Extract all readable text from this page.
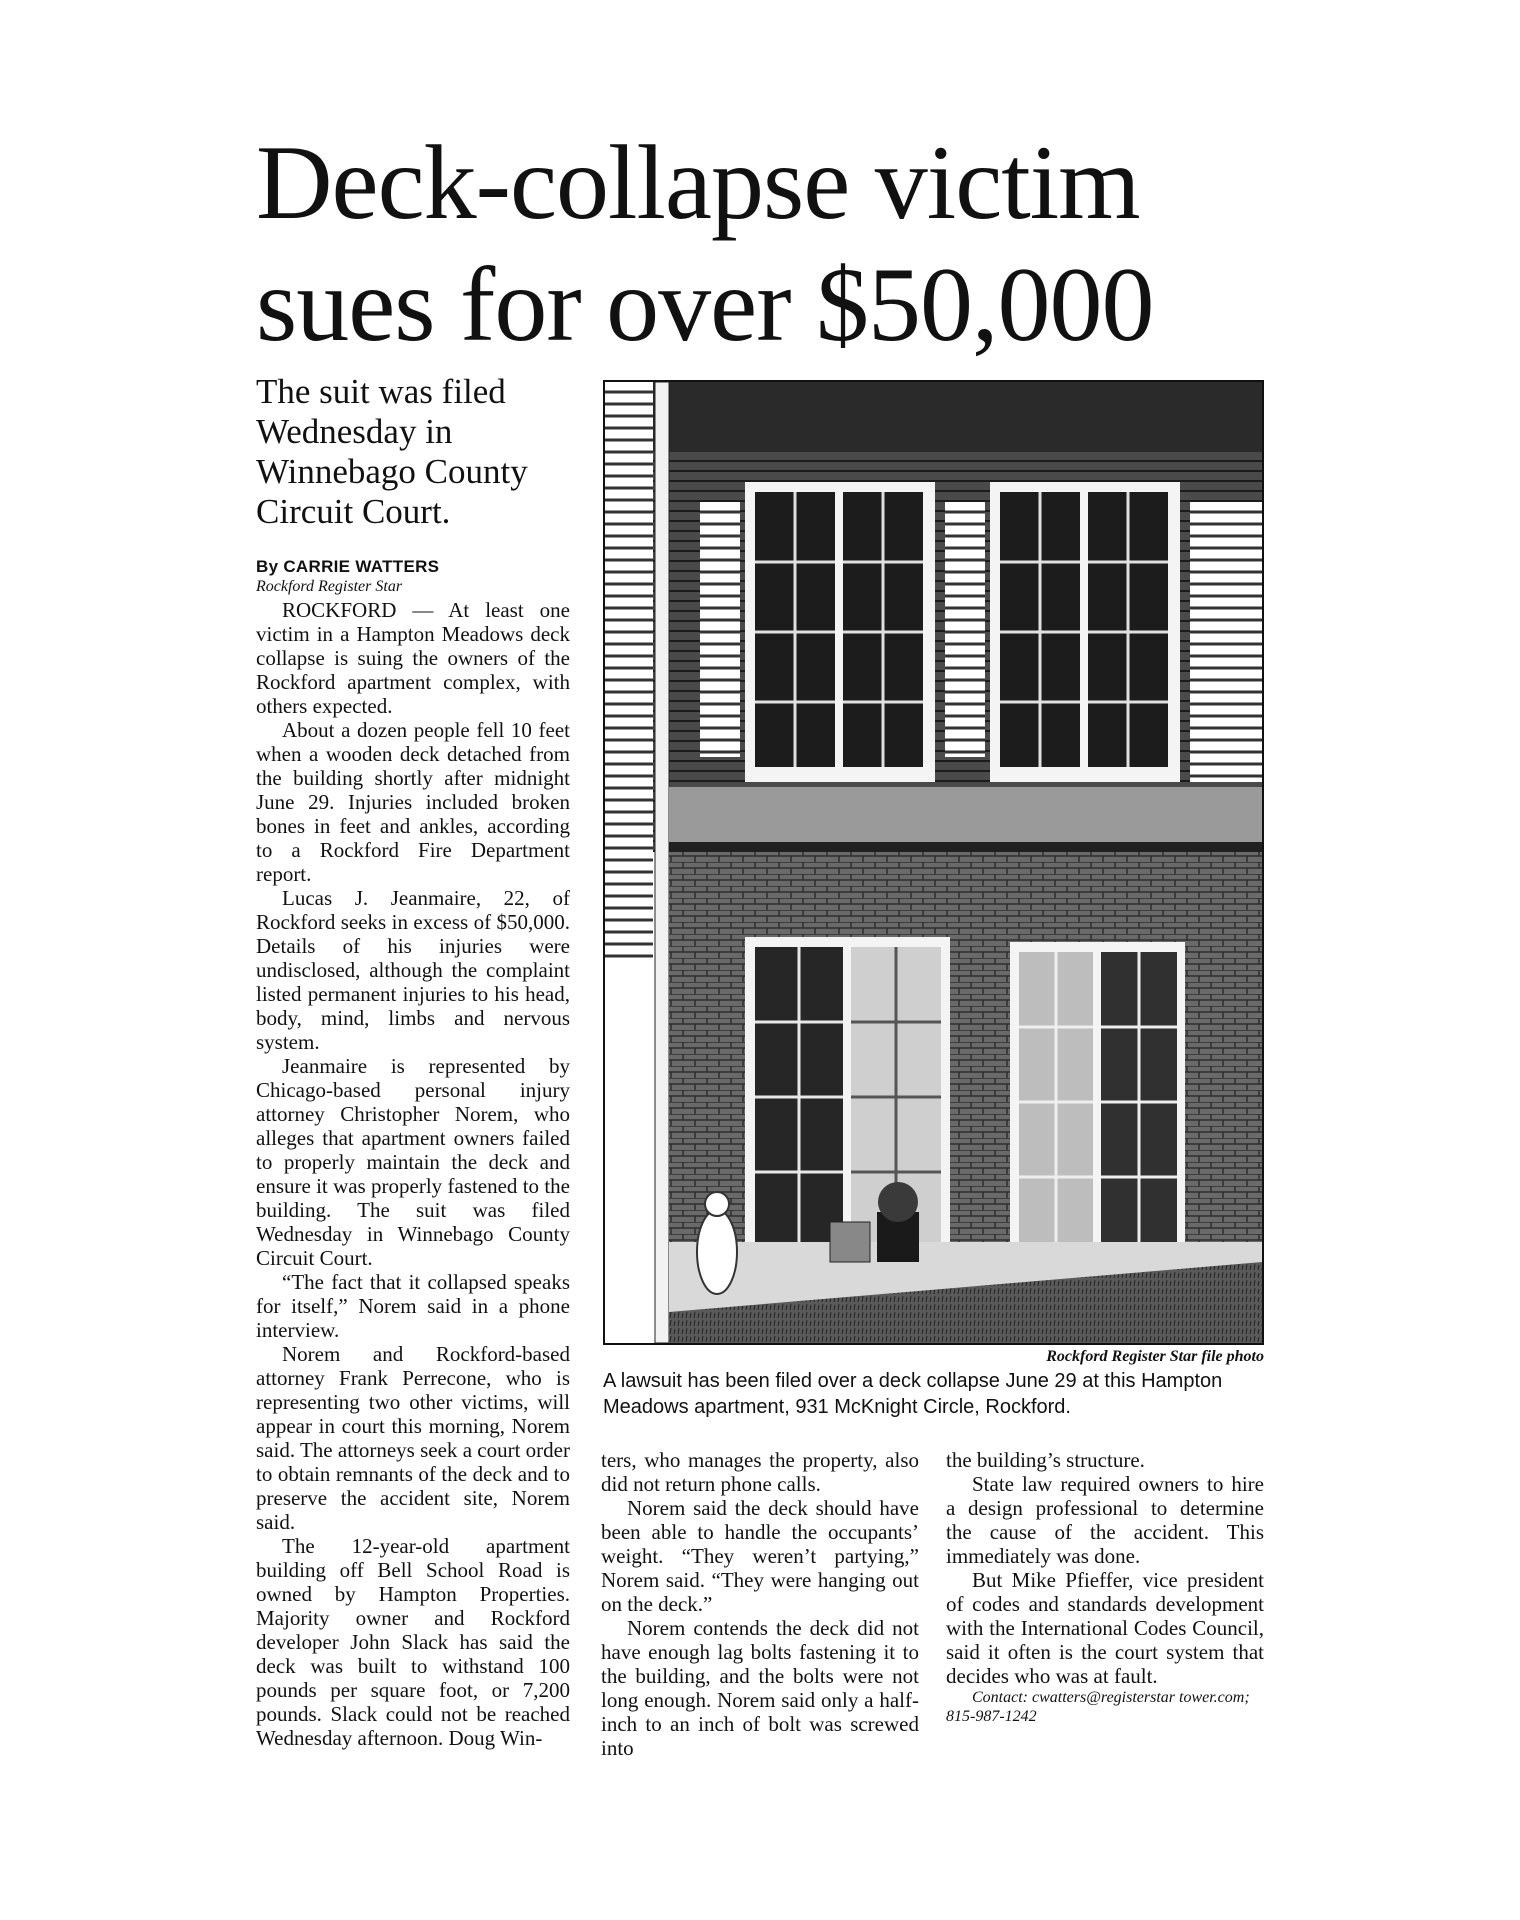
Deck-collapse victim
sues for over $50,000

The suit was filed Wednesday in Winnebago County Circuit Court.

By CARRIE WATTERS
Rockford Register Star

ROCKFORD — At least one victim in a Hampton Meadows deck collapse is suing the owners of the Rockford apartment complex, with others expected.

About a dozen people fell 10 feet when a wooden deck detached from the building shortly after midnight June 29. Injuries included broken bones in feet and ankles, according to a Rockford Fire Department report.

Lucas J. Jeanmaire, 22, of Rockford seeks in excess of $50,000. Details of his injuries were undisclosed, although the complaint listed permanent injuries to his head, body, mind, limbs and nervous system.

Jeanmaire is represented by Chicago-based personal injury attorney Christopher Norem, who alleges that apartment owners failed to properly maintain the deck and ensure it was properly fastened to the building. The suit was filed Wednesday in Winnebago County Circuit Court.

“The fact that it collapsed speaks for itself,” Norem said in a phone interview.

Norem and Rockford-based attorney Frank Perrecone, who is representing two other victims, will appear in court this morning, Norem said. The attorneys seek a court order to obtain remnants of the deck and to preserve the accident site, Norem said.

The 12-year-old apartment building off Bell School Road is owned by Hampton Properties. Majority owner and Rockford developer John Slack has said the deck was built to withstand 100 pounds per square foot, or 7,200 pounds. Slack could not be reached Wednesday afternoon. Doug Win-

Rockford Register Star file photo
A lawsuit has been filed over a deck collapse June 29 at this Hampton Meadows apartment, 931 McKnight Circle, Rockford.

ters, who manages the property, also did not return phone calls.

Norem said the deck should have been able to handle the occupants’ weight. “They weren’t partying,” Norem said. “They were hanging out on the deck.”

Norem contends the deck did not have enough lag bolts fastening it to the building, and the bolts were not long enough. Norem said only a half-inch to an inch of bolt was screwed into

the building’s structure.

State law required owners to hire a design professional to determine the cause of the accident. This immediately was done.

But Mike Pfieffer, vice president of codes and standards development with the International Codes Council, said it often is the court system that decides who was at fault.

Contact: cwatters@registerstar tower.com; 815-987-1242
